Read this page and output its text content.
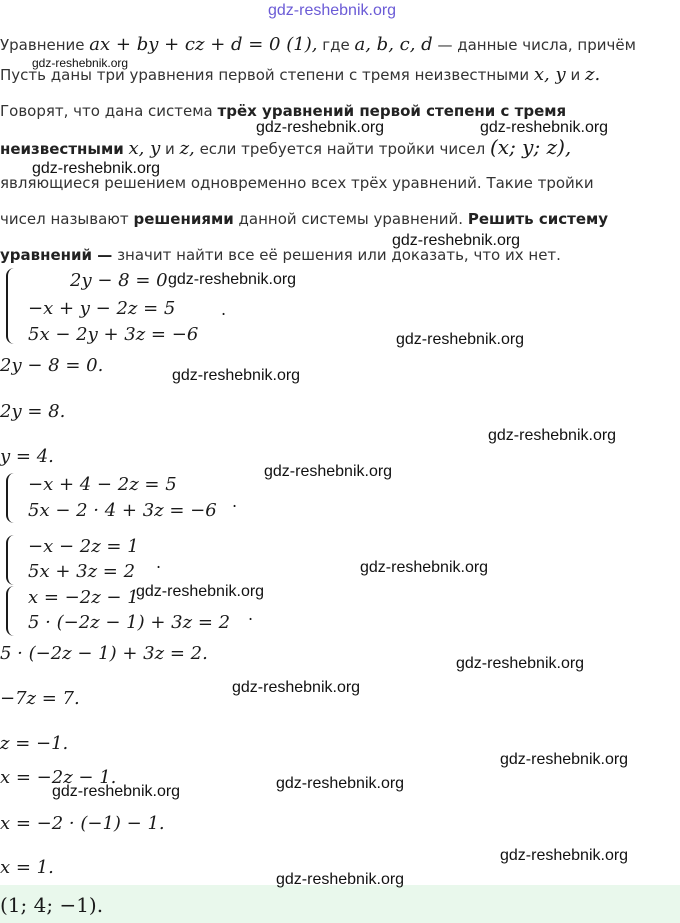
gdz-reshebnik.org
Уравнение ax + by + cz + d = 0 (1), где a, b, c, d — данные числа, причём
gdz-reshebnik.org
Пусть даны три уравнения первой степени с тремя неизвестными x, y и z.
Говорят, что дана система трёх уравнений первой степени с тремя
gdz-reshebnik.org	gdz-reshebnik.org
неизвестными x, y и z, если требуется найти тройки чисел (x; y; z),
gdz-reshebnik.org
являющиеся решением одновременно всех трёх уравнений. Такие тройки
чисел называют решениями данной системы уравнений. Решить систему
gdz-reshebnik.org
уравнений — значит найти все её решения или доказать, что их нет.
2y − 8 = 0
−x + y − 2z = 5
5x − 2y + 3z = −6
.
gdz-reshebnik.org
gdz-reshebnik.org
2y − 8 = 0.	gdz-reshebnik.org
2y = 8.
gdz-reshebnik.org
y = 4.
gdz-reshebnik.org
−x + 4 − 2z = 5
5x − 2 · 4 + 3z = −6 .
−x − 2z = 1
5x + 3z = 2 .	gdz-reshebnik.org
x = −2z − 1
5 · (−2z − 1) + 3z = 2 .
gdz-reshebnik.org
5 · (−2z − 1) + 3z = 2.	gdz-reshebnik.org
gdz-reshebnik.org
−7z = 7.
z = −1.
gdz-reshebnik.org
x = −2z − 1.	gdz-reshebnik.org
gdz-reshebnik.org
x = −2 · (−1) − 1.
gdz-reshebnik.org
x = 1.
gdz-reshebnik.org
(1; 4; −1).
